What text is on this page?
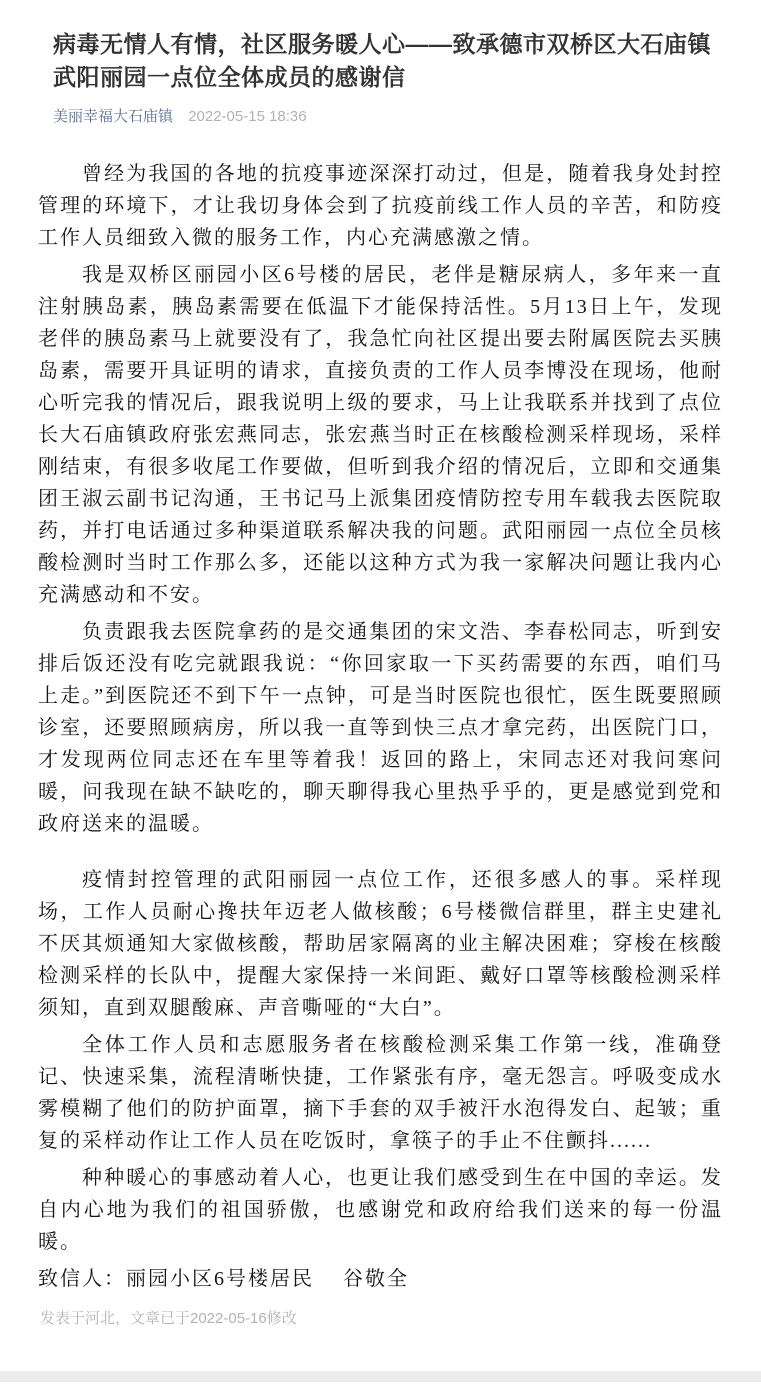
病毒无情人有情，社区服务暖人心——致承德市双桥区大石庙镇武阳丽园一点位全体成员的感谢信
美丽幸福大石庙镇 2022-05-15 18:36

曾经为我国的各地的抗疫事迹深深打动过，但是，随着我身处封控管理的环境下，才让我切身体会到了抗疫前线工作人员的辛苦，和防疫工作人员细致入微的服务工作，内心充满感激之情。

我是双桥区丽园小区6号楼的居民，老伴是糖尿病人，多年来一直注射胰岛素，胰岛素需要在低温下才能保持活性。5月13日上午，发现老伴的胰岛素马上就要没有了，我急忙向社区提出要去附属医院去买胰岛素，需要开具证明的请求，直接负责的工作人员李博没在现场，他耐心听完我的情况后，跟我说明上级的要求，马上让我联系并找到了点位长大石庙镇政府张宏燕同志，张宏燕当时正在核酸检测采样现场，采样刚结束，有很多收尾工作要做，但听到我介绍的情况后，立即和交通集团王淑云副书记沟通，王书记马上派集团疫情防控专用车载我去医院取药，并打电话通过多种渠道联系解决我的问题。武阳丽园一点位全员核酸检测时当时工作那么多，还能以这种方式为我一家解决问题让我内心充满感动和不安。

负责跟我去医院拿药的是交通集团的宋文浩、李春松同志，听到安排后饭还没有吃完就跟我说：“你回家取一下买药需要的东西，咱们马上走。”到医院还不到下午一点钟，可是当时医院也很忙，医生既要照顾诊室，还要照顾病房，所以我一直等到快三点才拿完药，出医院门口，才发现两位同志还在车里等着我！返回的路上，宋同志还对我问寒问暖，问我现在缺不缺吃的，聊天聊得我心里热乎乎的，更是感觉到党和政府送来的温暖。

疫情封控管理的武阳丽园一点位工作，还很多感人的事。采样现场，工作人员耐心搀扶年迈老人做核酸；6号楼微信群里，群主史建礼不厌其烦通知大家做核酸，帮助居家隔离的业主解决困难；穿梭在核酸检测采样的长队中，提醒大家保持一米间距、戴好口罩等核酸检测采样须知，直到双腿酸麻、声音嘶哑的“大白”。

全体工作人员和志愿服务者在核酸检测采集工作第一线，准确登记、快速采集，流程清晰快捷，工作紧张有序，毫无怨言。呼吸变成水雾模糊了他们的防护面罩，摘下手套的双手被汗水泡得发白、起皱；重复的采样动作让工作人员在吃饭时，拿筷子的手止不住颤抖......

种种暖心的事感动着人心，也更让我们感受到生在中国的幸运。发自内心地为我们的祖国骄傲，也感谢党和政府给我们送来的每一份温暖。

致信人：丽园小区6号楼居民　 谷敬全

发表于河北，文章已于2022-05-16修改
